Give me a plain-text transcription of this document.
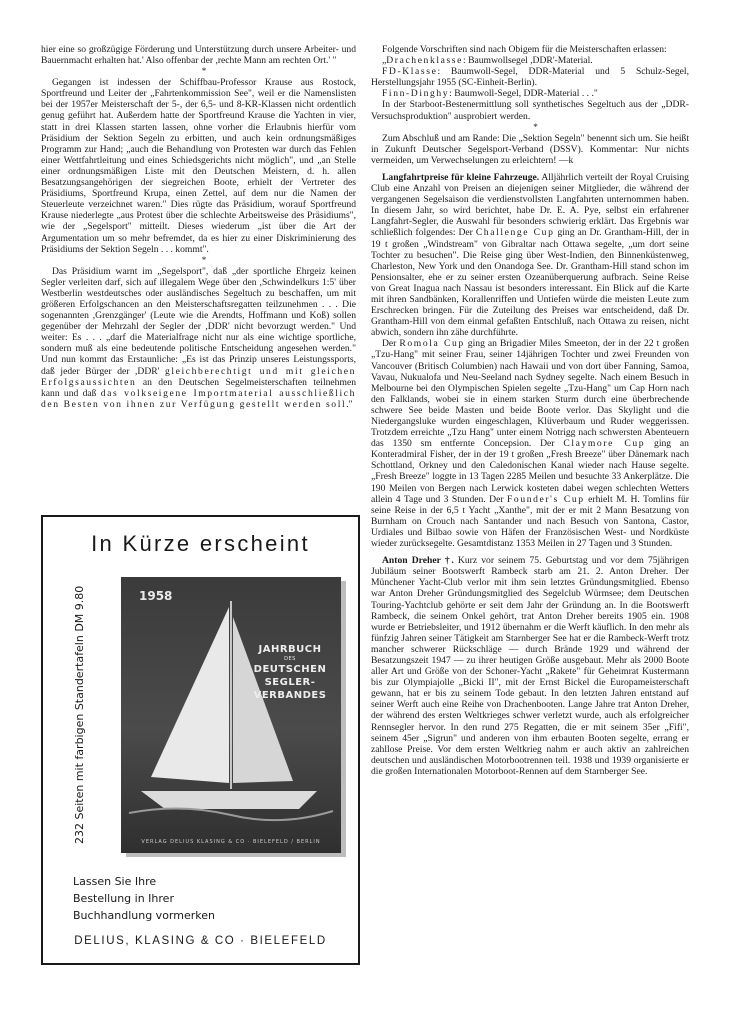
hier eine so großzügige Förderung und Unterstützung durch unsere Arbeiter- und Bauernmacht erhalten hat.' Also offenbar der ,rechte Mann am rechten Ort.' "

*

Gegangen ist indessen der Schiffbau-Professor Krause aus Rostock, Sportfreund und Leiter der „Fahrtenkommission See", weil er die Namenslisten bei der 1957er Meisterschaft der 5-, der 6,5- und 8-KR-Klassen nicht ordentlich genug geführt hat. Außerdem hatte der Sportfreund Krause die Yachten in vier, statt in drei Klassen starten lassen, ohne vorher die Erlaubnis hierfür vom Präsidium der Sektion Segeln zu erbitten, und auch kein ordnungsmäßiges Programm zur Hand; „auch die Behandlung von Protesten war durch das Fehlen einer Wettfahrtleitung und eines Schiedsgerichts nicht möglich", und „an Stelle einer ordnungsmäßigen Liste mit den Deutschen Meistern, d. h. allen Besatzungsangehörigen der siegreichen Boote, erhielt der Vertreter des Präsidiums, Sportfreund Krupa, einen Zettel, auf dem nur die Namen der Steuerleute verzeichnet waren." Dies rügte das Präsidium, worauf Sportfreund Krause niederlegte „aus Protest über die schlechte Arbeitsweise des Präsidiums", wie der „Segelsport" mitteilt. Dieses wiederum „ist über die Art der Argumentation um so mehr befremdet, da es hier zu einer Diskriminierung des Präsidiums der Sektion Segeln . . . kommt".

*

Das Präsidium warnt im „Segelsport", daß „der sportliche Ehrgeiz keinen Segler verleiten darf, sich auf illegalem Wege über den ,Schwindelkurs 1:5' über Westberlin westdeutsches oder ausländisches Segeltuch zu beschaffen, um mit größeren Erfolgschancen an den Meisterschaftsregatten teilzunehmen . . . Die sogenannten ,Grenzgänger' (Leute wie die Arendts, Hoffmann und Koß) sollen gegenüber der Mehrzahl der Segler der ,DDR' nicht bevorzugt werden." Und weiter: Es . . . „darf die Materialfrage nicht nur als eine wichtige sportliche, sondern muß als eine bedeutende politische Entscheidung angesehen werden." Und nun kommt das Erstaunliche: „Es ist das Prinzip unseres Leistungssports, daß jeder Bürger der ,DDR' gleichberechtigt und mit gleichen Erfolgsaussichten an den Deutschen Segelmeisterschaften teilnehmen kann und daß das volkseigene Importmaterial ausschließlich den Besten von ihnen zur Verfügung gestellt werden soll."

In Kürze erscheint
232 Seiten mit farbigen Standertafeln DM 9.80	1958
JAHRBUCH
DES
DEUTSCHEN
SEGLER-
VERBANDES
VERLAG DELIUS KLASING & CO · BIELEFELD / BERLIN
Lassen Sie Ihre
Bestellung in Ihrer
Buchhandlung vormerken
DELIUS, KLASING & CO · BIELEFELD

Folgende Vorschriften sind nach Obigem für die Meisterschaften erlassen:

„Drachenklasse: Baumwollsegel ,DDR'-Material.

FD-Klasse: Baumwoll-Segel, DDR-Material und 5 Schulz-Segel, Herstellungsjahr 1955 (SC-Einheit-Berlin).

Finn-Dinghy: Baumwoll-Segel, DDR-Material . . ."

In der Starboot-Bestenermittlung soll synthetisches Segeltuch aus der „DDR-Versuchsproduktion" ausprobiert werden.

*

Zum Abschluß und am Rande: Die „Sektion Segeln" benennt sich um. Sie heißt in Zukunft Deutscher Segelsport-Verband (DSSV). Kommentar: Nur nichts vermeiden, um Verwechselungen zu erleichtern! —k

Langfahrtpreise für kleine Fahrzeuge. Alljährlich verteilt der Royal Cruising Club eine Anzahl von Preisen an diejenigen seiner Mitglieder, die während der vergangenen Segelsaison die verdienstvollsten Langfahrten unternommen haben. In diesem Jahr, so wird berichtet, habe Dr. E. A. Pye, selbst ein erfahrener Langfahrt-Segler, die Auswahl für besonders schwierig erklärt. Das Ergebnis war schließlich folgendes: Der Challenge Cup ging an Dr. Grantham-Hill, der in 19 t großen „Windstream" von Gibraltar nach Ottawa segelte, „um dort seine Tochter zu besuchen". Die Reise ging über West-Indien, den Binnenküstenweg, Charleston, New York und den Onandoga See. Dr. Grantham-Hill stand schon im Pensionsalter, ehe er zu seiner ersten Ozeanüberquerung aufbrach. Seine Reise von Great Inagua nach Nassau ist besonders interessant. Ein Blick auf die Karte mit ihren Sandbänken, Korallenriffen und Untiefen würde die meisten Leute zum Erschrecken bringen. Für die Zuteilung des Preises war entscheidend, daß Dr. Grantham-Hill von dem einmal gefaßten Entschluß, nach Ottawa zu reisen, nicht abwich, sondern ihn zähe durchführte.

Der Romola Cup ging an Brigadier Miles Smeeton, der in der 22 t großen „Tzu-Hang" mit seiner Frau, seiner 14jährigen Tochter und zwei Freunden von Vancouver (Britisch Columbien) nach Hawaii und von dort über Fanning, Samoa, Vavau, Nukualofa und Neu-Seeland nach Sydney segelte. Nach einem Besuch in Melbourne bei den Olympischen Spielen segelte „Tzu-Hang" um Cap Horn nach den Falklands, wobei sie in einem starken Sturm durch eine überbrechende schwere See beide Masten und beide Boote verlor. Das Skylight und die Niedergangsluke wurden eingeschlagen, Klüverbaum und Ruder weggerissen. Trotzdem erreichte „Tzu Hang" unter einem Notrigg nach schwersten Abenteuern das 1350 sm entfernte Concepsion. Der Claymore Cup ging an Konteradmiral Fisher, der in der 19 t großen „Fresh Breeze" über Dänemark nach Schottland, Orkney und den Caledonischen Kanal wieder nach Hause segelte. „Fresh Breeze" loggte in 13 Tagen 2285 Meilen und besuchte 33 Ankerplätze. Die 190 Meilen von Bergen nach Lerwick kosteten dabei wegen schlechten Wetters allein 4 Tage und 3 Stunden. Der Founder's Cup erhielt M. H. Tomlins für seine Reise in der 6,5 t Yacht „Xanthe", mit der er mit 2 Mann Besatzung von Burnham on Crouch nach Santander und nach Besuch von Santona, Castor, Urdiales und Bilbao sowie von Häfen der Französischen West- und Nordküste wieder zurücksegelte. Gesamtdistanz 1353 Meilen in 27 Tagen und 3 Stunden.

Anton Dreher †. Kurz vor seinem 75. Geburtstag und vor dem 75jährigen Jubiläum seiner Bootswerft Rambeck starb am 21. 2. Anton Dreher. Der Münchener Yacht-Club verlor mit ihm sein letztes Gründungsmitglied. Ebenso war Anton Dreher Gründungsmitglied des Segelclub Würmsee; dem Deutschen Touring-Yachtclub gehörte er seit dem Jahr der Gründung an. In die Bootswerft Rambeck, die seinem Onkel gehört, trat Anton Dreher bereits 1905 ein. 1908 wurde er Betriebsleiter, und 1912 übernahm er die Werft käuflich. In den mehr als fünfzig Jahren seiner Tätigkeit am Starnberger See hat er die Rambeck-Werft trotz mancher schwerer Rückschläge — durch Brände 1929 und während der Besatzungszeit 1947 — zu ihrer heutigen Größe ausgebaut. Mehr als 2000 Boote aller Art und Größe von der Schoner-Yacht „Rakete" für Geheimrat Kustermann bis zur Olympiajolle „Bicki II", mit der Ernst Bickel die Europameisterschaft gewann, hat er bis zu seinem Tode gebaut. In den letzten Jahren entstand auf seiner Werft auch eine Reihe von Drachenbooten. Lange Jahre trat Anton Dreher, der während des ersten Weltkrieges schwer verletzt wurde, auch als erfolgreicher Rennsegler hervor. In den rund 275 Regatten, die er mit seinem 35er „Fifi", seinem 45er „Sigrun" und anderen von ihm erbauten Booten segelte, errang er zahllose Preise. Vor dem ersten Weltkrieg nahm er auch aktiv an zahlreichen deutschen und ausländischen Motorbootrennen teil. 1938 und 1939 organisierte er die großen Internationalen Motorboot-Rennen auf dem Starnberger See.
